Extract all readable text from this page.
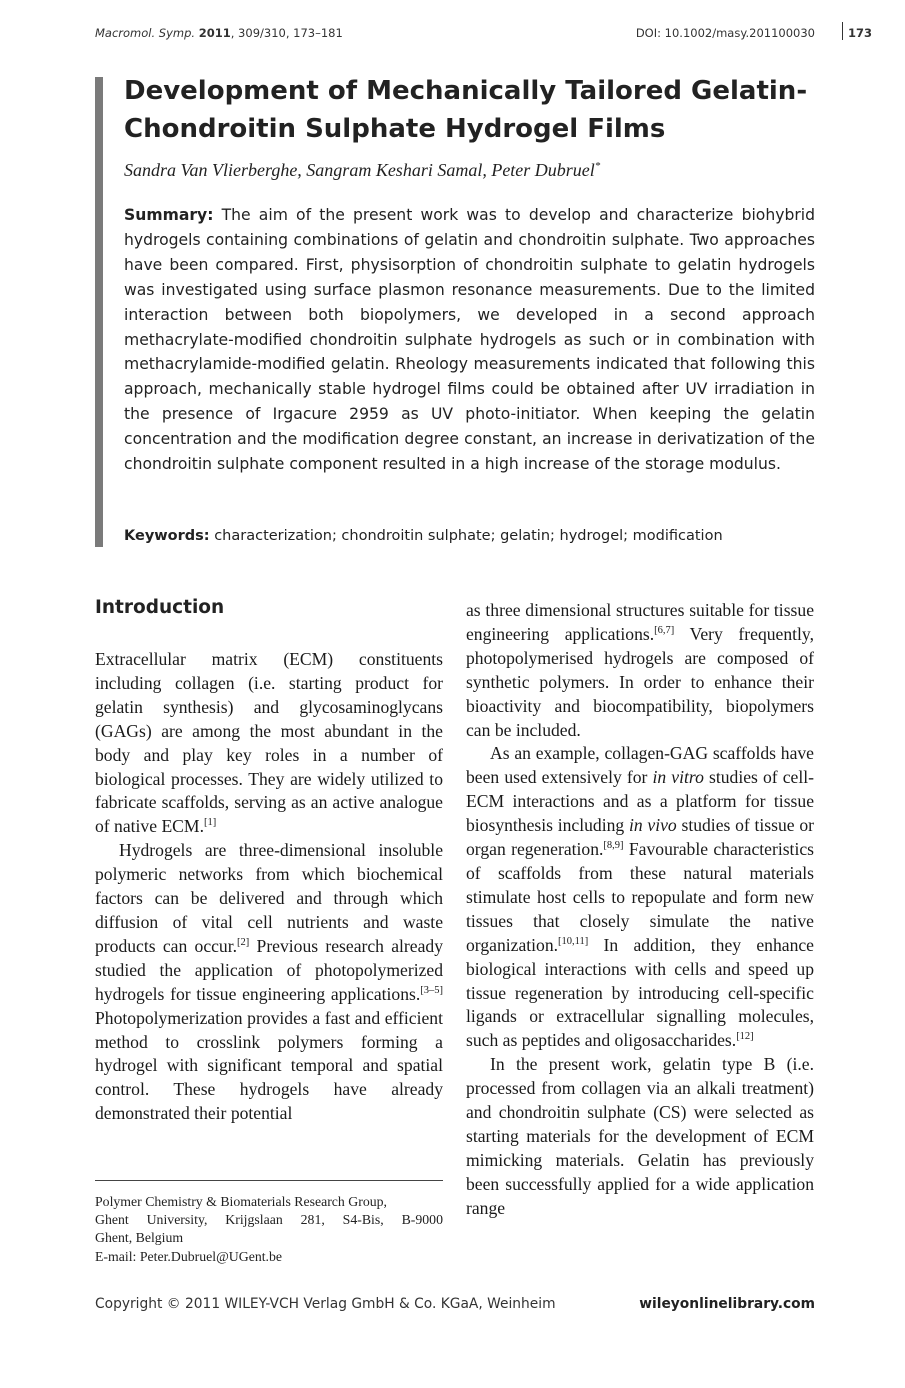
Macromol. Symp. 2011, 309/310, 173–181	DOI: 10.1002/masy.201100030	173
Development of Mechanically Tailored Gelatin-Chondroitin Sulphate Hydrogel Films
Sandra Van Vlierberghe, Sangram Keshari Samal, Peter Dubruel*

Summary: The aim of the present work was to develop and characterize biohybrid hydrogels containing combinations of gelatin and chondroitin sulphate. Two approaches have been compared. First, physisorption of chondroitin sulphate to gelatin hydrogels was investigated using surface plasmon resonance measurements. Due to the limited interaction between both biopolymers, we developed in a second approach methacrylate-modified chondroitin sulphate hydrogels as such or in combination with methacrylamide-modified gelatin. Rheology measurements indicated that following this approach, mechanically stable hydrogel films could be obtained after UV irradiation in the presence of Irgacure 2959 as UV photo-initiator. When keeping the gelatin concentration and the modification degree constant, an increase in derivatization of the chondroitin sulphate component resulted in a high increase of the storage modulus.

Keywords: characterization; chondroitin sulphate; gelatin; hydrogel; modification
Introduction

Extracellular matrix (ECM) constituents including collagen (i.e. starting product for gelatin synthesis) and glycosaminoglycans (GAGs) are among the most abundant in the body and play key roles in a number of biological processes. They are widely utilized to fabricate scaffolds, serving as an active analogue of native ECM.[1]

Hydrogels are three-dimensional insoluble polymeric networks from which biochemical factors can be delivered and through which diffusion of vital cell nutrients and waste products can occur.[2] Previous research already studied the application of photopolymerized hydrogels for tissue engineering applications.[3–5] Photopolymerization provides a fast and efficient method to crosslink polymers forming a hydrogel with significant temporal and spatial control. These hydrogels have already demonstrated their potential

as three dimensional structures suitable for tissue engineering applications.[6,7] Very frequently, photopolymerised hydrogels are composed of synthetic polymers. In order to enhance their bioactivity and biocompatibility, biopolymers can be included.

As an example, collagen-GAG scaffolds have been used extensively for in vitro studies of cell-ECM interactions and as a platform for tissue biosynthesis including in vivo studies of tissue or organ regeneration.[8,9] Favourable characteristics of scaffolds from these natural materials stimulate host cells to repopulate and form new tissues that closely simulate the native organization.[10,11] In addition, they enhance biological interactions with cells and speed up tissue regeneration by introducing cell-specific ligands or extracellular signalling molecules, such as peptides and oligosaccharides.[12]

In the present work, gelatin type B (i.e. processed from collagen via an alkali treatment) and chondroitin sulphate (CS) were selected as starting materials for the development of ECM mimicking materials. Gelatin has previously been successfully applied for a wide application range

Polymer Chemistry & Biomaterials Research Group,
Ghent University, Krijgslaan 281, S4-Bis, B-9000
Ghent, Belgium
E-mail: Peter.Dubruel@UGent.be
Copyright © 2011 WILEY-VCH Verlag GmbH & Co. KGaA, Weinheim	wileyonlinelibrary.com
